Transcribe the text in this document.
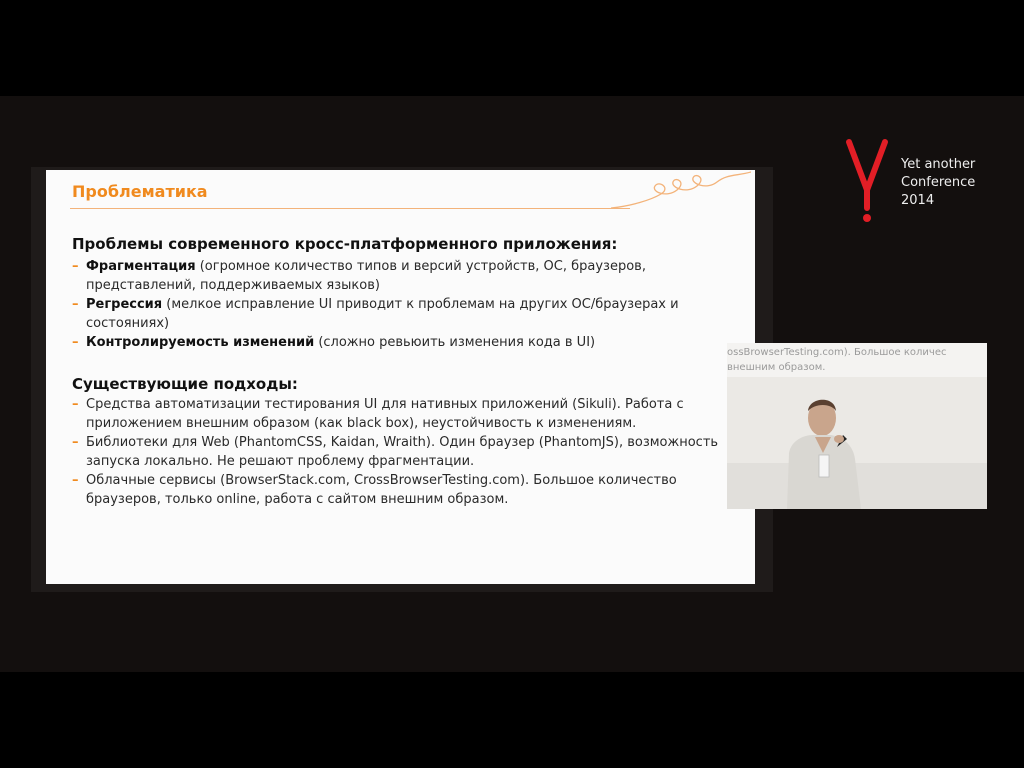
Проблематика
Проблемы современного кросс-платформенного приложения:
– Фрагментация (огромное количество типов и версий устройств, ОС, браузеров, представлений, поддерживаемых языков)
– Регрессия (мелкое исправление UI приводит к проблемам на других ОС/браузерах и состояниях)
– Контролируемость изменений (сложно ревьюить изменения кода в UI)
Существующие подходы:
– Средства автоматизации тестирования UI для нативных приложений (Sikuli). Работа с приложением внешним образом (как black box), неустойчивость к изменениям.
– Библиотеки для Web (PhantomCSS, Kaidan, Wraith). Один браузер (PhantomJS), возможность запуска локально. Не решают проблему фрагментации.
– Облачные сервисы (BrowserStack.com, CrossBrowserTesting.com). Большое количество браузеров, только online, работа с сайтом внешним образом.
Yet another
Conference
2014
ossBrowserTesting.com). Большое количес
внешним образом.
